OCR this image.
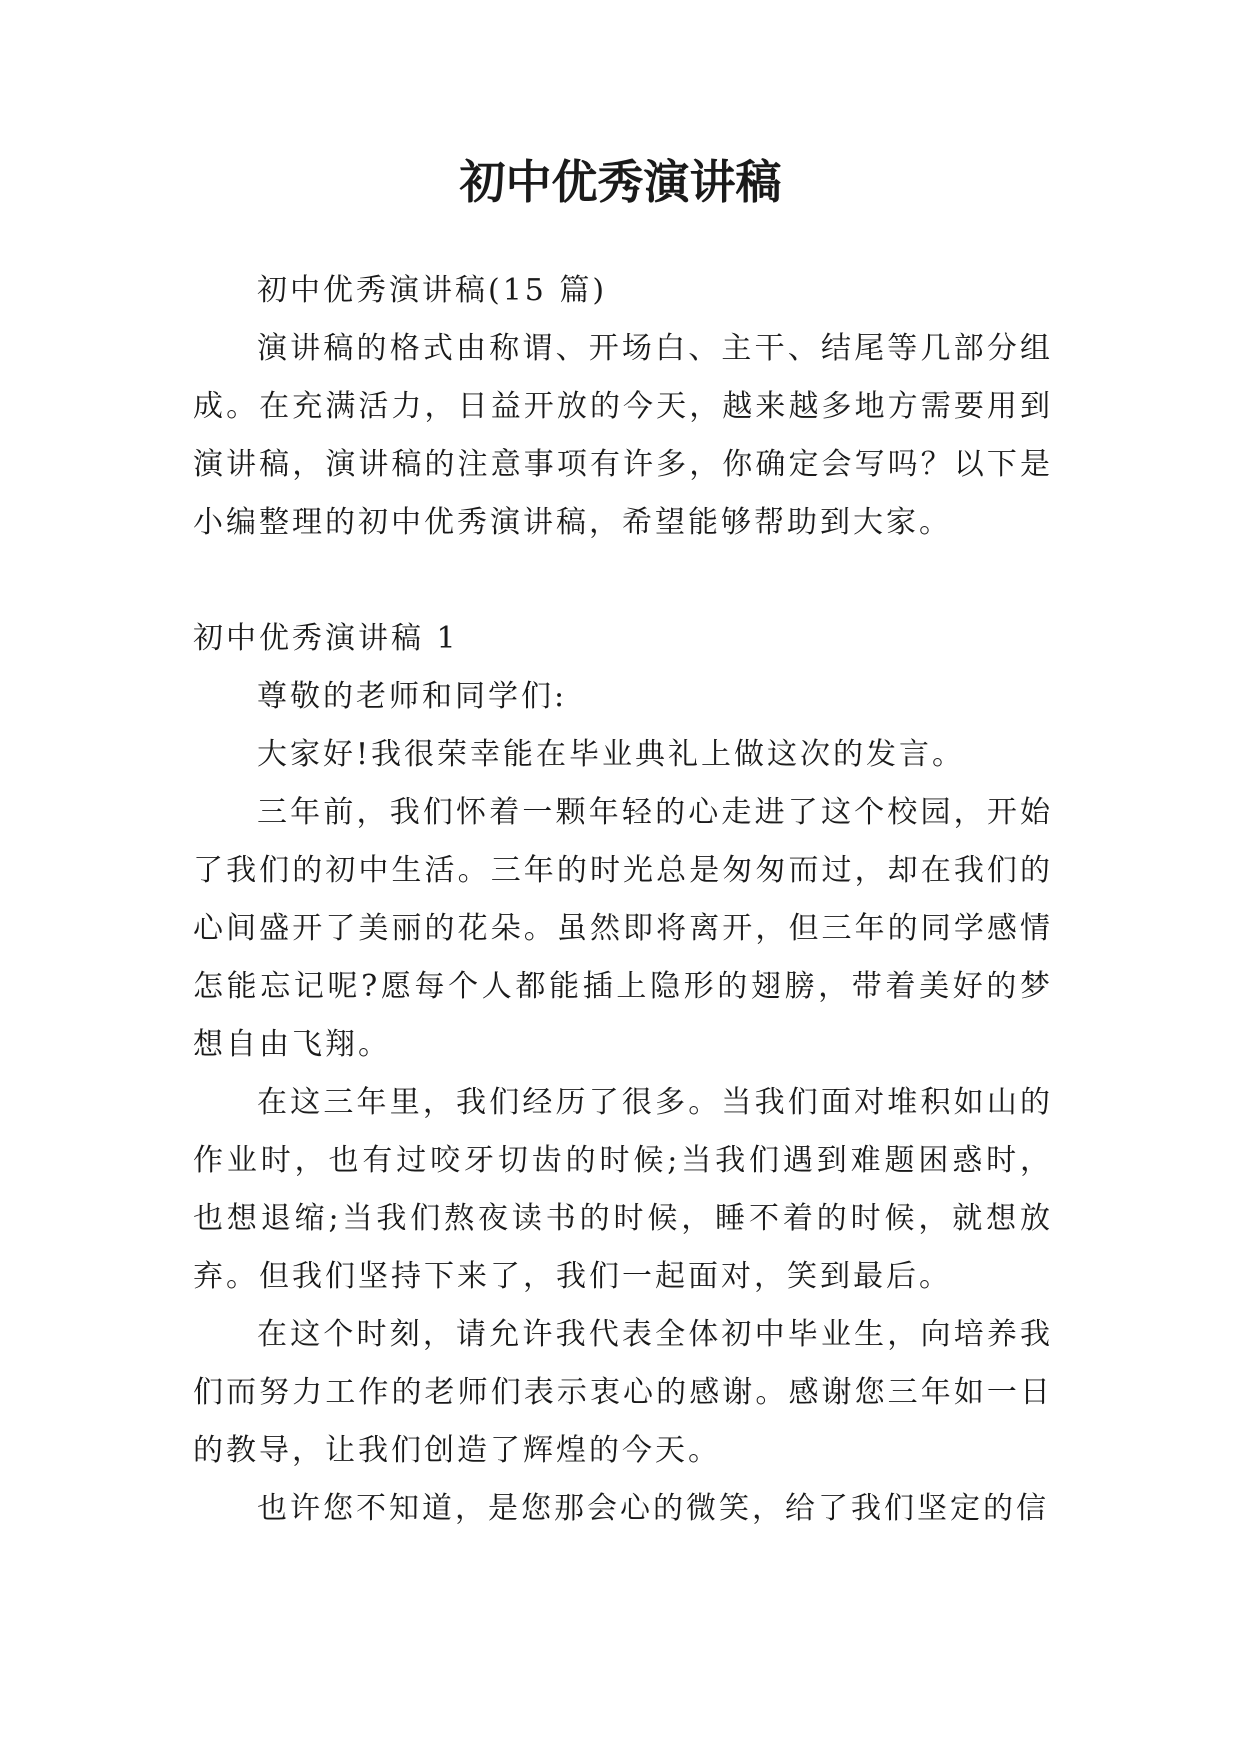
初中优秀演讲稿

初中优秀演讲稿(15 篇)

演讲稿的格式由称谓、开场白、主干、结尾等几部分组成。在充满活力，日益开放的今天，越来越多地方需要用到演讲稿，演讲稿的注意事项有许多，你确定会写吗？以下是小编整理的初中优秀演讲稿，希望能够帮助到大家。

初中优秀演讲稿 1

尊敬的老师和同学们:

大家好!我很荣幸能在毕业典礼上做这次的发言。

三年前，我们怀着一颗年轻的心走进了这个校园，开始了我们的初中生活。三年的时光总是匆匆而过，却在我们的心间盛开了美丽的花朵。虽然即将离开，但三年的同学感情怎能忘记呢?愿每个人都能插上隐形的翅膀，带着美好的梦想自由飞翔。

在这三年里，我们经历了很多。当我们面对堆积如山的作业时，也有过咬牙切齿的时候;当我们遇到难题困惑时，也想退缩;当我们熬夜读书的时候，睡不着的时候，就想放弃。但我们坚持下来了，我们一起面对，笑到最后。

在这个时刻，请允许我代表全体初中毕业生，向培养我们而努力工作的老师们表示衷心的感谢。感谢您三年如一日的教导，让我们创造了辉煌的今天。

也许您不知道，是您那会心的微笑，给了我们坚定的信
